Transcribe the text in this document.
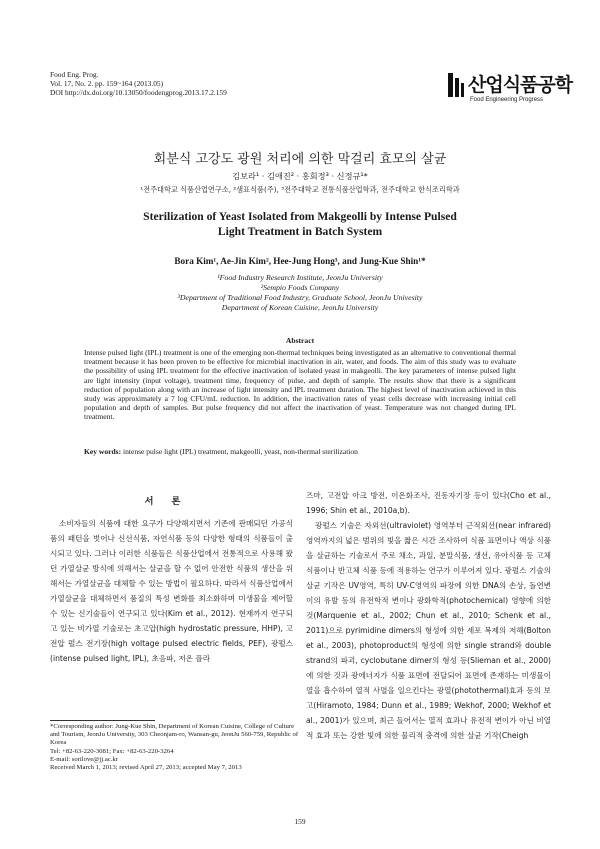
Food Eng. Prog.
Vol. 17, No. 2. pp. 159~164 (2013.05)
DOI http://dx.doi.org/10.13050/foodengprog.2013.17.2.159	산업식품공학
Food Engineering Progress
회분식 고강도 광원 처리에 의한 막걸리 효모의 살균
김보라¹ · 김애진² · 홍회정³ · 신정규¹*
¹전주대학교 식품산업연구소, ²샘표식품(주), ³전주대학교 전통식품산업학과, 전주대학교 한식조리학과
Sterilization of Yeast Isolated from Makgeolli by Intense Pulsed
Light Treatment in Batch System
Bora Kim¹, Ae-Jin Kim², Hee-Jung Hong³, and Jung-Kue Shin¹*
¹Food Industry Research Institute, JeonJu University
²Sempio Foods Company
³Department of Traditional Food Industry, Graduate School, JeonJu Univesity
Department of Korean Cuisine, JeonJu University
Abstract
Intense pulsed light (IPL) treatment is one of the emerging non-thermal techniques being investigated as an alternative to conventional thermal treatment because it has been proven to be effective for microbial inactivation in air, water, and foods. The aim of this study was to evaluate the possibility of using IPL treatment for the effective inactivation of isolated yeast in makgeolli. The key parameters of intense pulsed light are light intensity (input voltage), treatment time, frequency of pulse, and depth of sample. The results show that there is a significant reduction of population along with an increase of light intensity and IPL treatment duration. The highest level of inactivation achieved in this study was approximately a 7 log CFU/mL reduction. In addition, the inactivation rates of yeast cells decrease with increasing initial cell population and depth of samples. But pulse frequency did not affect the inactivation of yeast. Temperature was not changed during IPL treatment.
Key words: intense pulse light (IPL) treatment, makgeolli, yeast, non-thermal sterilization
서론

소비자들의 식품에 대한 요구가 다양해지면서 기존에 판매되던 가공식품의 패턴을 벗어나 신선식품, 자연식품 등의 다양한 형태의 식품들이 출시되고 있다. 그러나 이러한 식품들은 식품산업에서 전통적으로 사용해 왔던 가열살균 방식에 의해서는 살균을 할 수 없어 안전한 식품의 생산을 위해서는 가열살균을 대체할 수 있는 방법이 필요하다. 따라서 식품산업에서 가열살균을 대체하면서 품질의 특성 변화를 최소화하며 미생물을 제어할 수 있는 신기술들이 연구되고 있다(Kim et al., 2012). 현재까지 연구되고 있는 비가열 기술로는 초고압(high hydrostatic pressure, HHP), 고전압 펄스 전기장(high voltage pulsed electric fields, PEF), 광펄스(intense pulsed light, IPL), 초음파, 저온 플라

즈마, 고전압 아크 방전, 이온화조사, 진동자기장 등이 있다(Cho et al., 1996; Shin et al., 2010a,b).

광펄스 기술은 자외선(ultraviolet) 영역부터 근적외선(near infrared) 영역까지의 넓은 범위의 빛을 짧은 시간 조사하여 식품 표면이나 액상 식품을 살균하는 기술로서 주로 채소, 과일, 분말식품, 생선, 유아식품 등 고체식품이나 반고체 식품 등에 적용하는 연구가 이루어져 있다. 광펄스 기술의 살균 기작은 UV영역, 특히 UV-C영역의 파장에 의한 DNA의 손상, 돌연변이의 유발 등의 유전학적 변이나 광화학적(photochemical) 영향에 의한 것(Marquenie et al., 2002; Chun et al., 2010; Schenk et al., 2011)으로 pyrimidine dimers의 형성에 의한 세포 복제의 저해(Bolton et al., 2003), photoproduct의 형성에 의한 single strand와 double strand의 파괴, cyclobutane dimer의 형성 등(Slieman et al., 2000)에 의한 것과 광에너지가 식품 표면에 전달되어 표면에 존재하는 미생물이 열을 흡수하여 열적 사멸을 일으킨다는 광열(photothermal)효과 등의 보고(Hiramoto, 1984; Dunn et al., 1989; Wekhof, 2000; Wekhof et al., 2001)가 있으며, 최근 들어서는 열적 효과나 유전적 변이가 아닌 비열적 효과 또는 강한 빛에 의한 물리적 충격에 의한 살균 기작(Cheigh

*Corresponding author: Jung-Kue Shin, Department of Korean Cuisine, College of Culture and Tourism, JeonJu University, 303 Cheonjam-ro, Wansan-gu, JeonJu 560-759, Republic of Korea
Tel: +82-63-220-3081; Fax: +82-63-220-3264
E-mail: sorilove@jj.ac.kr
Received March 1, 2013; revised April 27, 2013; accepted May 7, 2013
159
